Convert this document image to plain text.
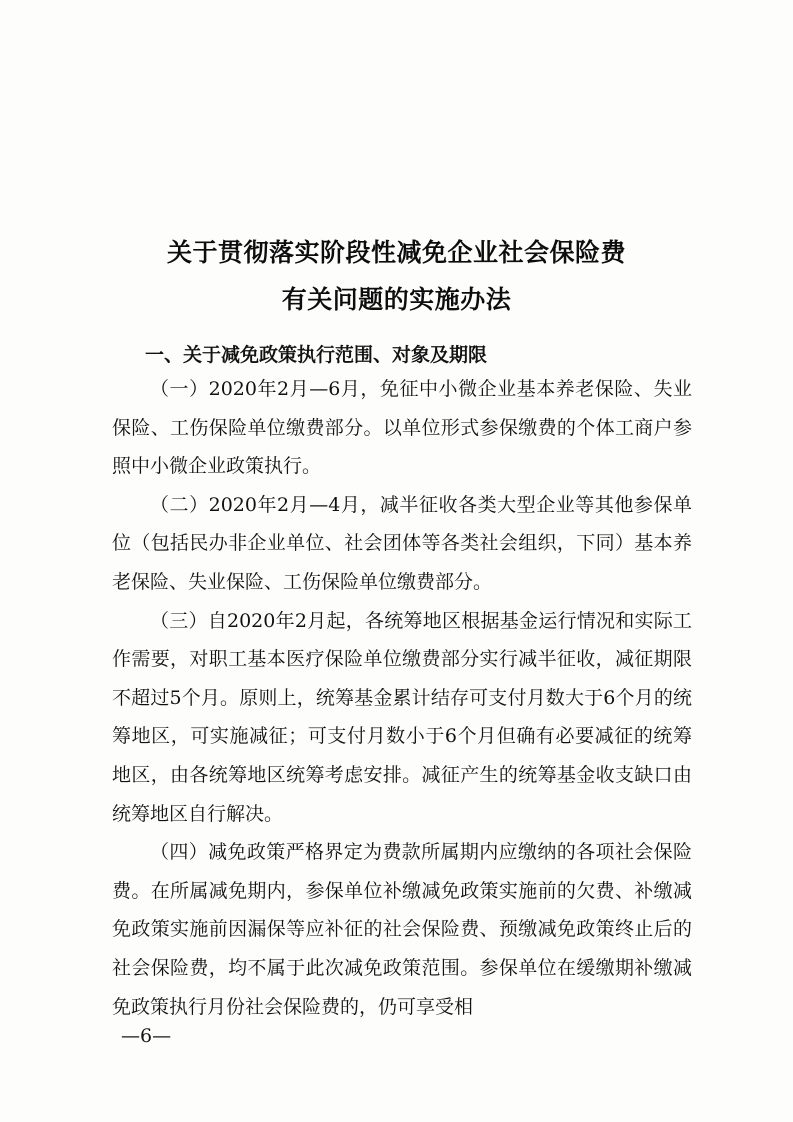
关于贯彻落实阶段性减免企业社会保险费
有关问题的实施办法
一、关于减免政策执行范围、对象及期限

（一）2020年2月—6月，免征中小微企业基本养老保险、失业保险、工伤保险单位缴费部分。以单位形式参保缴费的个体工商户参照中小微企业政策执行。

（二）2020年2月—4月，减半征收各类大型企业等其他参保单位（包括民办非企业单位、社会团体等各类社会组织，下同）基本养老保险、失业保险、工伤保险单位缴费部分。

（三）自2020年2月起，各统筹地区根据基金运行情况和实际工作需要，对职工基本医疗保险单位缴费部分实行减半征收，减征期限不超过5个月。原则上，统筹基金累计结存可支付月数大于6个月的统筹地区，可实施减征；可支付月数小于6个月但确有必要减征的统筹地区，由各统筹地区统筹考虑安排。减征产生的统筹基金收支缺口由统筹地区自行解决。

（四）减免政策严格界定为费款所属期内应缴纳的各项社会保险费。在所属减免期内，参保单位补缴减免政策实施前的欠费、补缴减免政策实施前因漏保等应补征的社会保险费、预缴减免政策终止后的社会保险费，均不属于此次减免政策范围。参保单位在缓缴期补缴减免政策执行月份社会保险费的，仍可享受相

—6—
